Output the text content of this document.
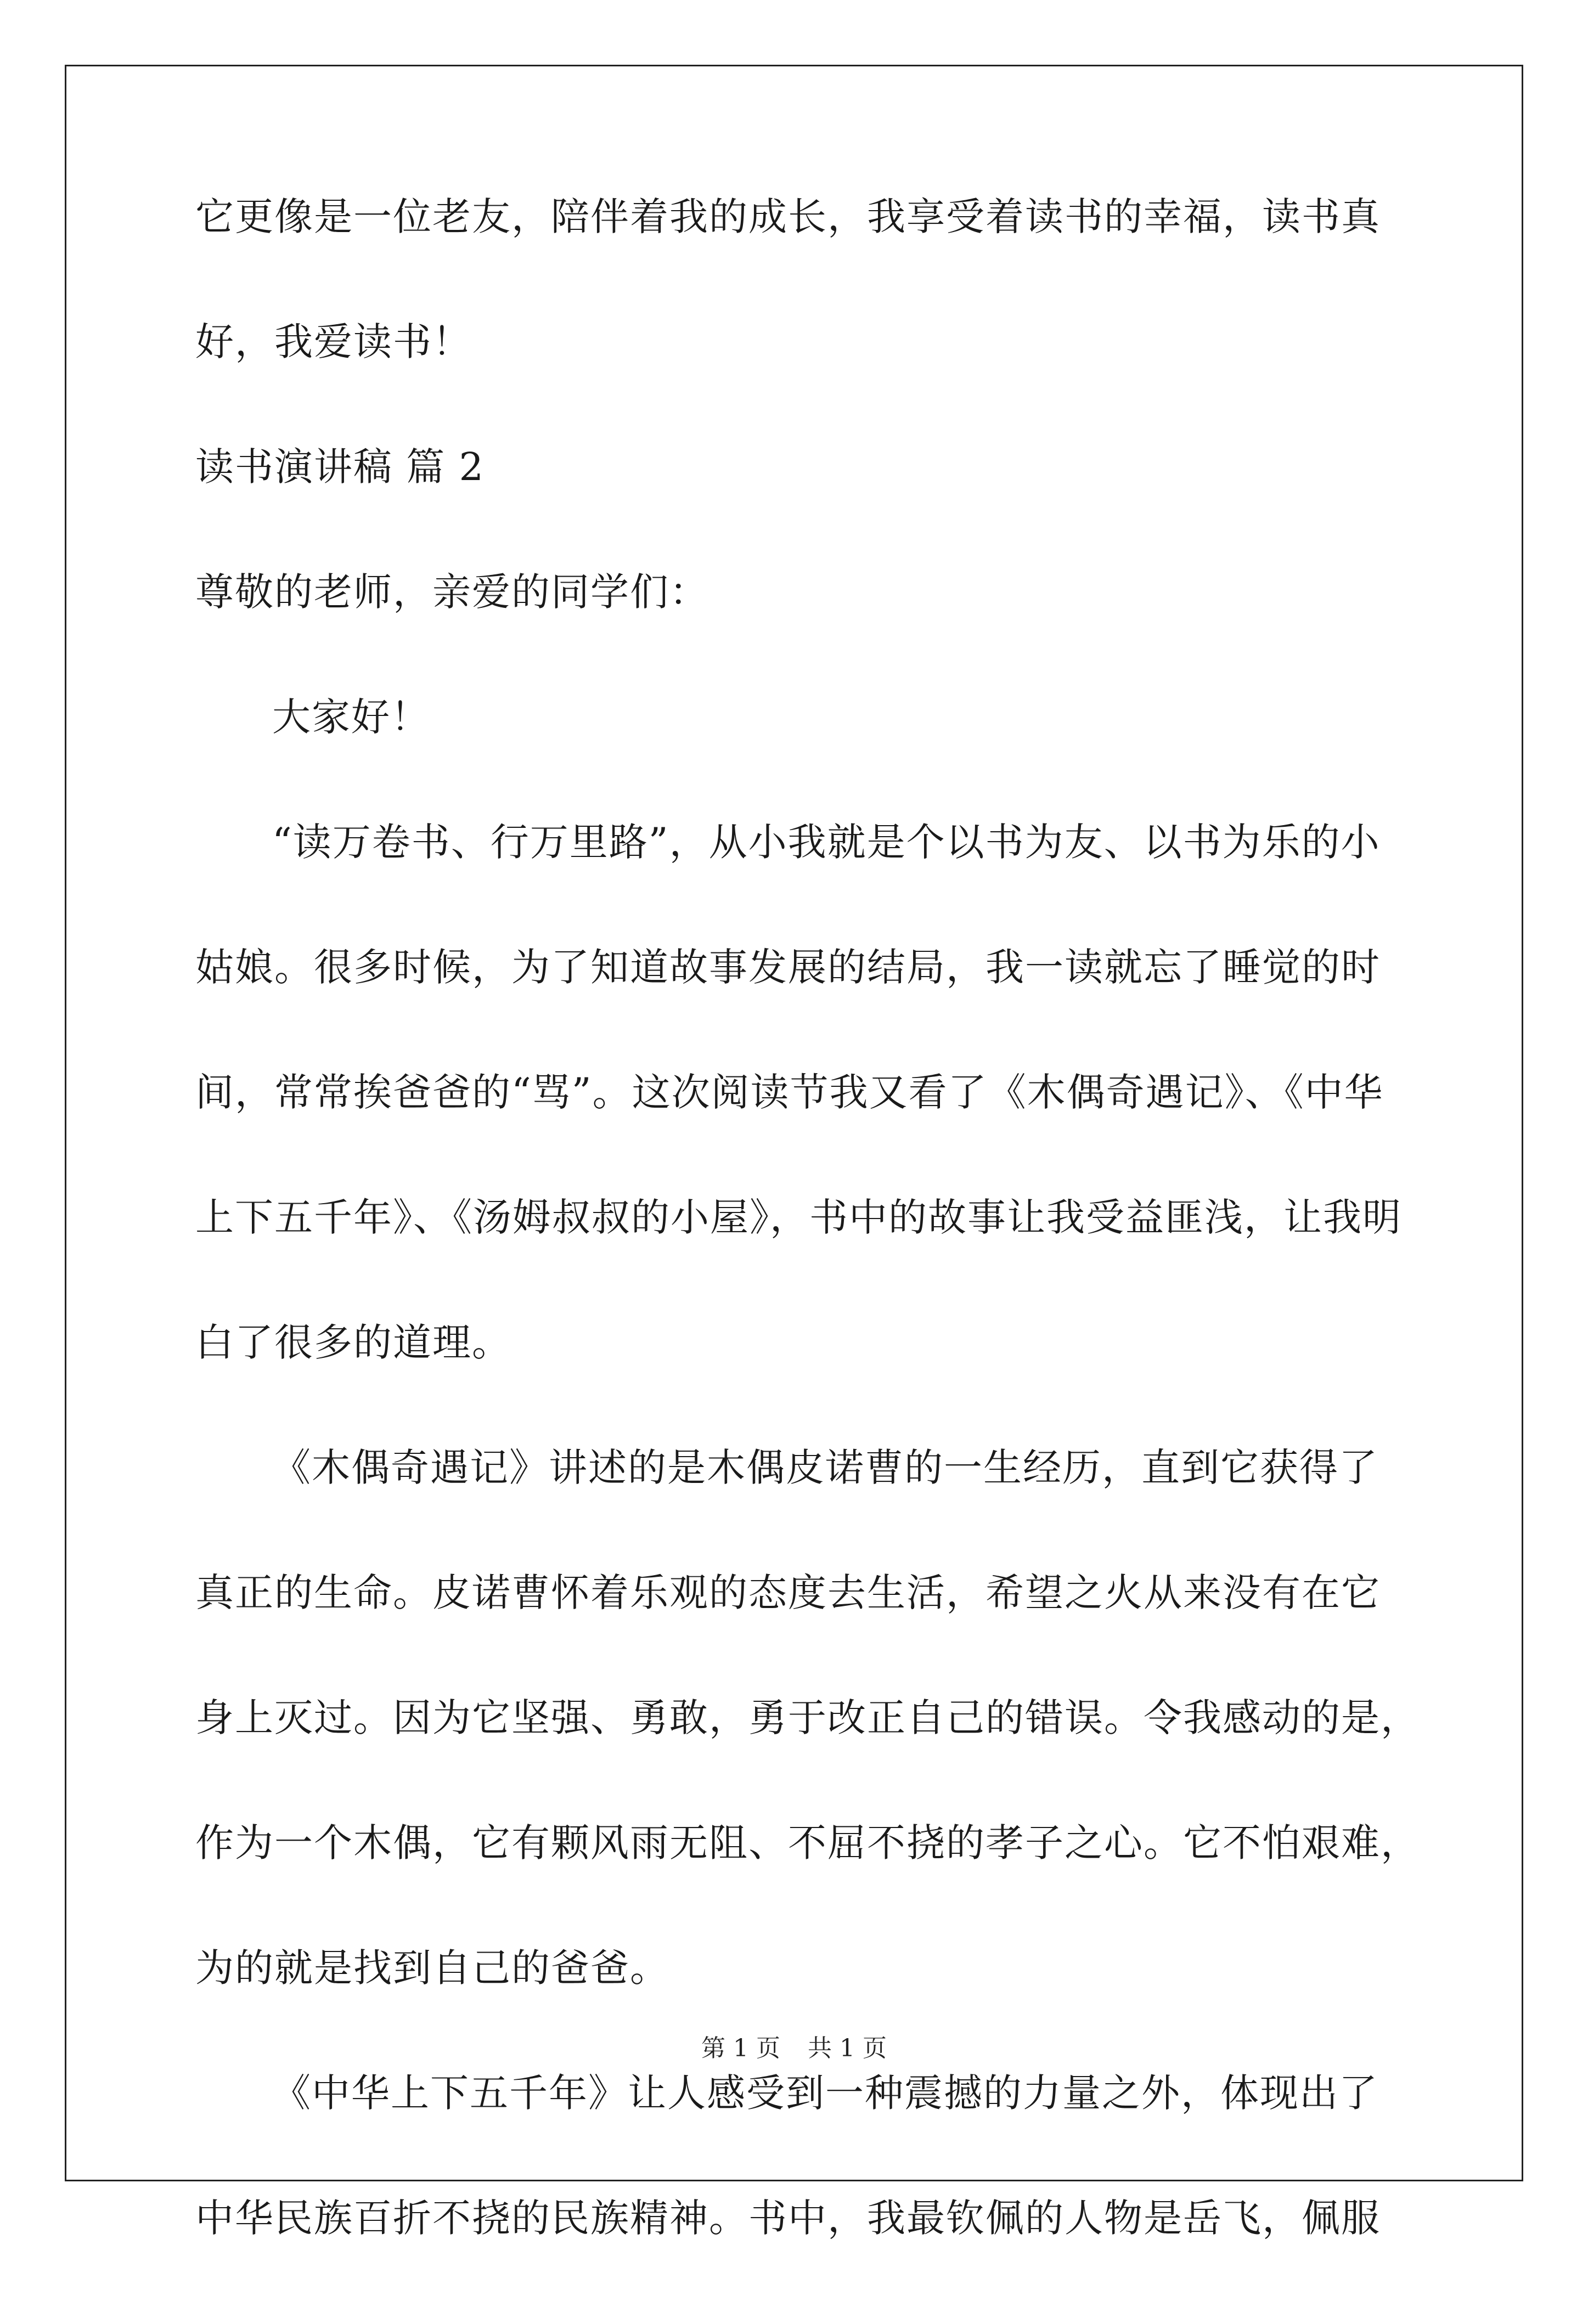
它更像是一位老友，陪伴着我的成长，我享受着读书的幸福，读书真
好，我爱读书！
读书演讲稿 篇 2
尊敬的老师，亲爱的同学们：
大家好！
“读万卷书、行万里路”，从小我就是个以书为友、以书为乐的小
姑娘。很多时候，为了知道故事发展的结局，我一读就忘了睡觉的时
间，常常挨爸爸的“骂”。这次阅读节我又看了《木偶奇遇记》、《中华
上下五千年》、《汤姆叔叔的小屋》，书中的故事让我受益匪浅，让我明
白了很多的道理。
《木偶奇遇记》讲述的是木偶皮诺曹的一生经历，直到它获得了
真正的生命。皮诺曹怀着乐观的态度去生活，希望之火从来没有在它
身上灭过。因为它坚强、勇敢，勇于改正自己的错误。令我感动的是，
作为一个木偶，它有颗风雨无阻、不屈不挠的孝子之心。它不怕艰难，
为的就是找到自己的爸爸。
《中华上下五千年》让人感受到一种震撼的力量之外，体现出了
中华民族百折不挠的民族精神。书中，我最钦佩的人物是岳飞，佩服
第 1 页 共 1 页
